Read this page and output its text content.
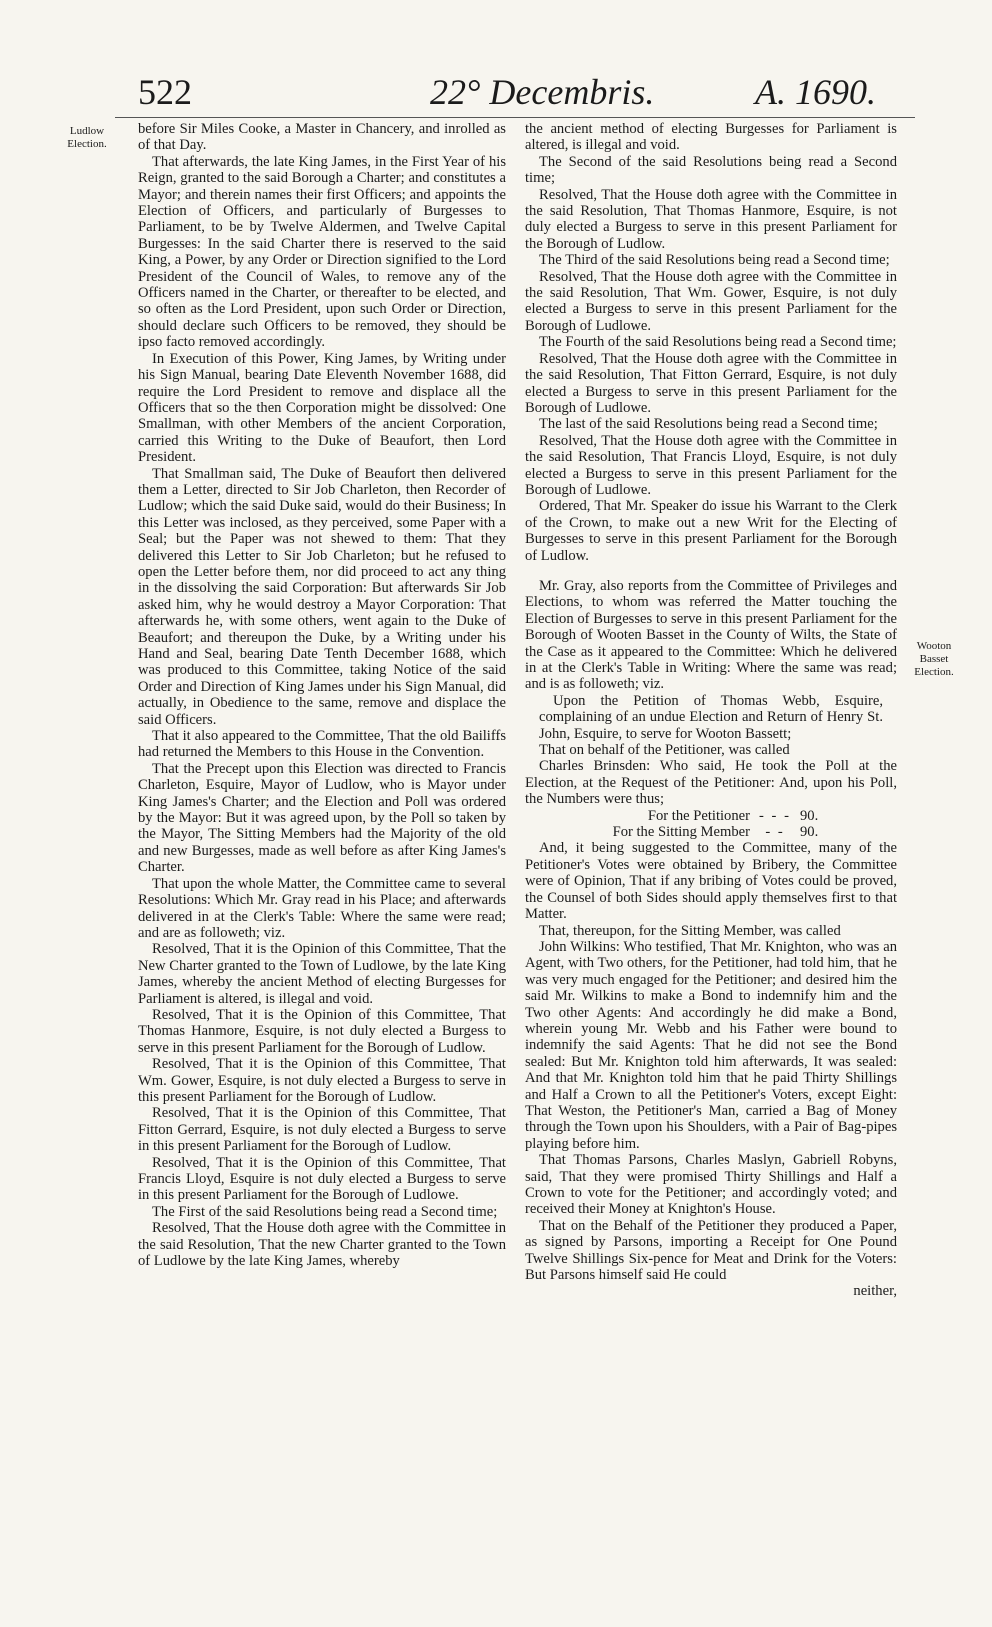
522	22° Decembris.	A. 1690.
Ludlow Election.
Wooton Basset Election.

before Sir Miles Cooke, a Master in Chancery, and inrolled as of that Day.

That afterwards, the late King James, in the First Year of his Reign, granted to the said Borough a Charter; and constitutes a Mayor; and therein names their first Officers; and appoints the Election of Officers, and particularly of Burgesses to Parliament, to be by Twelve Aldermen, and Twelve Capital Burgesses: In the said Charter there is reserved to the said King, a Power, by any Order or Direction signified to the Lord President of the Council of Wales, to remove any of the Officers named in the Charter, or thereafter to be elected, and so often as the Lord President, upon such Order or Direction, should declare such Officers to be removed, they should be ipso facto removed accordingly.

In Execution of this Power, King James, by Writing under his Sign Manual, bearing Date Eleventh November 1688, did require the Lord President to remove and displace all the Officers that so the then Corporation might be dissolved: One Smallman, with other Members of the ancient Corporation, carried this Writing to the Duke of Beaufort, then Lord President.

That Smallman said, The Duke of Beaufort then delivered them a Letter, directed to Sir Job Charleton, then Recorder of Ludlow; which the said Duke said, would do their Business; In this Letter was inclosed, as they perceived, some Paper with a Seal; but the Paper was not shewed to them: That they delivered this Letter to Sir Job Charleton; but he refused to open the Letter before them, nor did proceed to act any thing in the dissolving the said Corporation: But afterwards Sir Job asked him, why he would destroy a Mayor Corporation: That afterwards he, with some others, went again to the Duke of Beaufort; and thereupon the Duke, by a Writing under his Hand and Seal, bearing Date Tenth December 1688, which was produced to this Committee, taking Notice of the said Order and Direction of King James under his Sign Manual, did actually, in Obedience to the same, remove and displace the said Officers.

That it also appeared to the Committee, That the old Bailiffs had returned the Members to this House in the Convention.

That the Precept upon this Election was directed to Francis Charleton, Esquire, Mayor of Ludlow, who is Mayor under King James's Charter; and the Election and Poll was ordered by the Mayor: But it was agreed upon, by the Poll so taken by the Mayor, The Sitting Members had the Majority of the old and new Burgesses, made as well before as after King James's Charter.

That upon the whole Matter, the Committee came to several Resolutions: Which Mr. Gray read in his Place; and afterwards delivered in at the Clerk's Table: Where the same were read; and are as followeth; viz.

Resolved, That it is the Opinion of this Committee, That the New Charter granted to the Town of Ludlowe, by the late King James, whereby the ancient Method of electing Burgesses for Parliament is altered, is illegal and void.

Resolved, That it is the Opinion of this Committee, That Thomas Hanmore, Esquire, is not duly elected a Burgess to serve in this present Parliament for the Borough of Ludlow.

Resolved, That it is the Opinion of this Committee, That Wm. Gower, Esquire, is not duly elected a Burgess to serve in this present Parliament for the Borough of Ludlow.

Resolved, That it is the Opinion of this Committee, That Fitton Gerrard, Esquire, is not duly elected a Burgess to serve in this present Parliament for the Borough of Ludlow.

Resolved, That it is the Opinion of this Committee, That Francis Lloyd, Esquire is not duly elected a Burgess to serve in this present Parliament for the Borough of Ludlowe.

The First of the said Resolutions being read a Second time;

Resolved, That the House doth agree with the Committee in the said Resolution, That the new Charter granted to the Town of Ludlowe by the late King James, whereby

the ancient method of electing Burgesses for Parliament is altered, is illegal and void.

The Second of the said Resolutions being read a Second time;

Resolved, That the House doth agree with the Committee in the said Resolution, That Thomas Hanmore, Esquire, is not duly elected a Burgess to serve in this present Parliament for the Borough of Ludlow.

The Third of the said Resolutions being read a Second time;

Resolved, That the House doth agree with the Committee in the said Resolution, That Wm. Gower, Esquire, is not duly elected a Burgess to serve in this present Parliament for the Borough of Ludlowe.

The Fourth of the said Resolutions being read a Second time;

Resolved, That the House doth agree with the Committee in the said Resolution, That Fitton Gerrard, Esquire, is not duly elected a Burgess to serve in this present Parliament for the Borough of Ludlowe.

The last of the said Resolutions being read a Second time;

Resolved, That the House doth agree with the Committee in the said Resolution, That Francis Lloyd, Esquire, is not duly elected a Burgess to serve in this present Parliament for the Borough of Ludlowe.

Ordered, That Mr. Speaker do issue his Warrant to the Clerk of the Crown, to make out a new Writ for the Electing of Burgesses to serve in this present Parliament for the Borough of Ludlow.

Mr. Gray, also reports from the Committee of Privileges and Elections, to whom was referred the Matter touching the Election of Burgesses to serve in this present Parliament for the Borough of Wooten Basset in the County of Wilts, the State of the Case as it appeared to the Committee: Which he delivered in at the Clerk's Table in Writing: Where the same was read; and is as followeth; viz.

Upon the Petition of Thomas Webb, Esquire, complaining of an undue Election and Return of Henry St. John, Esquire, to serve for Wooton Bassett;

That on behalf of the Petitioner, was called

Charles Brinsden: Who said, He took the Poll at the Election, at the Request of the Petitioner: And, upon his Poll, the Numbers were thus;

For the Petitioner - - - 90.
For the Sitting Member	- -	90.

And, it being suggested to the Committee, many of the Petitioner's Votes were obtained by Bribery, the Committee were of Opinion, That if any bribing of Votes could be proved, the Counsel of both Sides should apply themselves first to that Matter.

That, thereupon, for the Sitting Member, was called

John Wilkins: Who testified, That Mr. Knighton, who was an Agent, with Two others, for the Petitioner, had told him, that he was very much engaged for the Petitioner; and desired him the said Mr. Wilkins to make a Bond to indemnify him and the Two other Agents: And accordingly he did make a Bond, wherein young Mr. Webb and his Father were bound to indemnify the said Agents: That he did not see the Bond sealed: But Mr. Knighton told him afterwards, It was sealed: And that Mr. Knighton told him that he paid Thirty Shillings and Half a Crown to all the Petitioner's Voters, except Eight: That Weston, the Petitioner's Man, carried a Bag of Money through the Town upon his Shoulders, with a Pair of Bag-pipes playing before him.

That Thomas Parsons, Charles Maslyn, Gabriell Robyns, said, That they were promised Thirty Shillings and Half a Crown to vote for the Petitioner; and accordingly voted; and received their Money at Knighton's House.

That on the Behalf of the Petitioner they produced a Paper, as signed by Parsons, importing a Receipt for One Pound Twelve Shillings Six-pence for Meat and Drink for the Voters: But Parsons himself said He could

neither,
